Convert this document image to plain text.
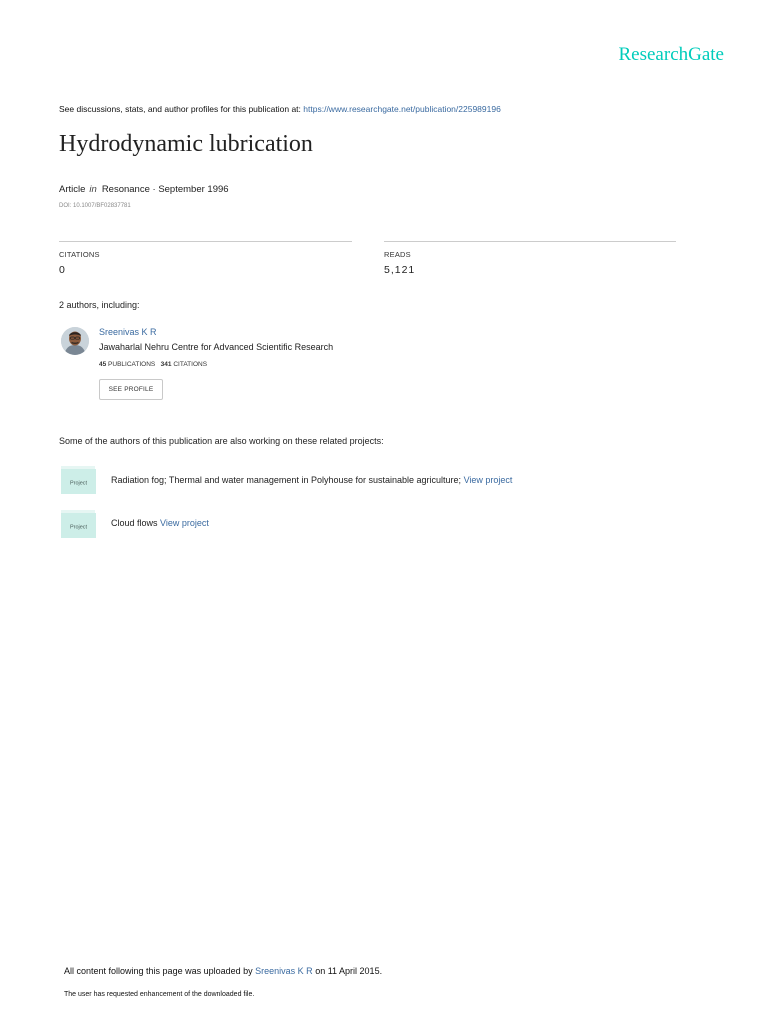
ResearchGate
See discussions, stats, and author profiles for this publication at: https://www.researchgate.net/publication/225989196
Hydrodynamic lubrication
Article in Resonance · September 1996
DOI: 10.1007/BF02837781
CITATIONS
0
READS
5,121
2 authors, including:
Sreenivas K R
Jawaharlal Nehru Centre for Advanced Scientific Research
45 PUBLICATIONS 341 CITATIONS
SEE PROFILE
Some of the authors of this publication are also working on these related projects:
Project	Radiation fog; Thermal and water management in Polyhouse for sustainable agriculture; View project
Project	Cloud flows View project
All content following this page was uploaded by Sreenivas K R on 11 April 2015.
The user has requested enhancement of the downloaded file.
